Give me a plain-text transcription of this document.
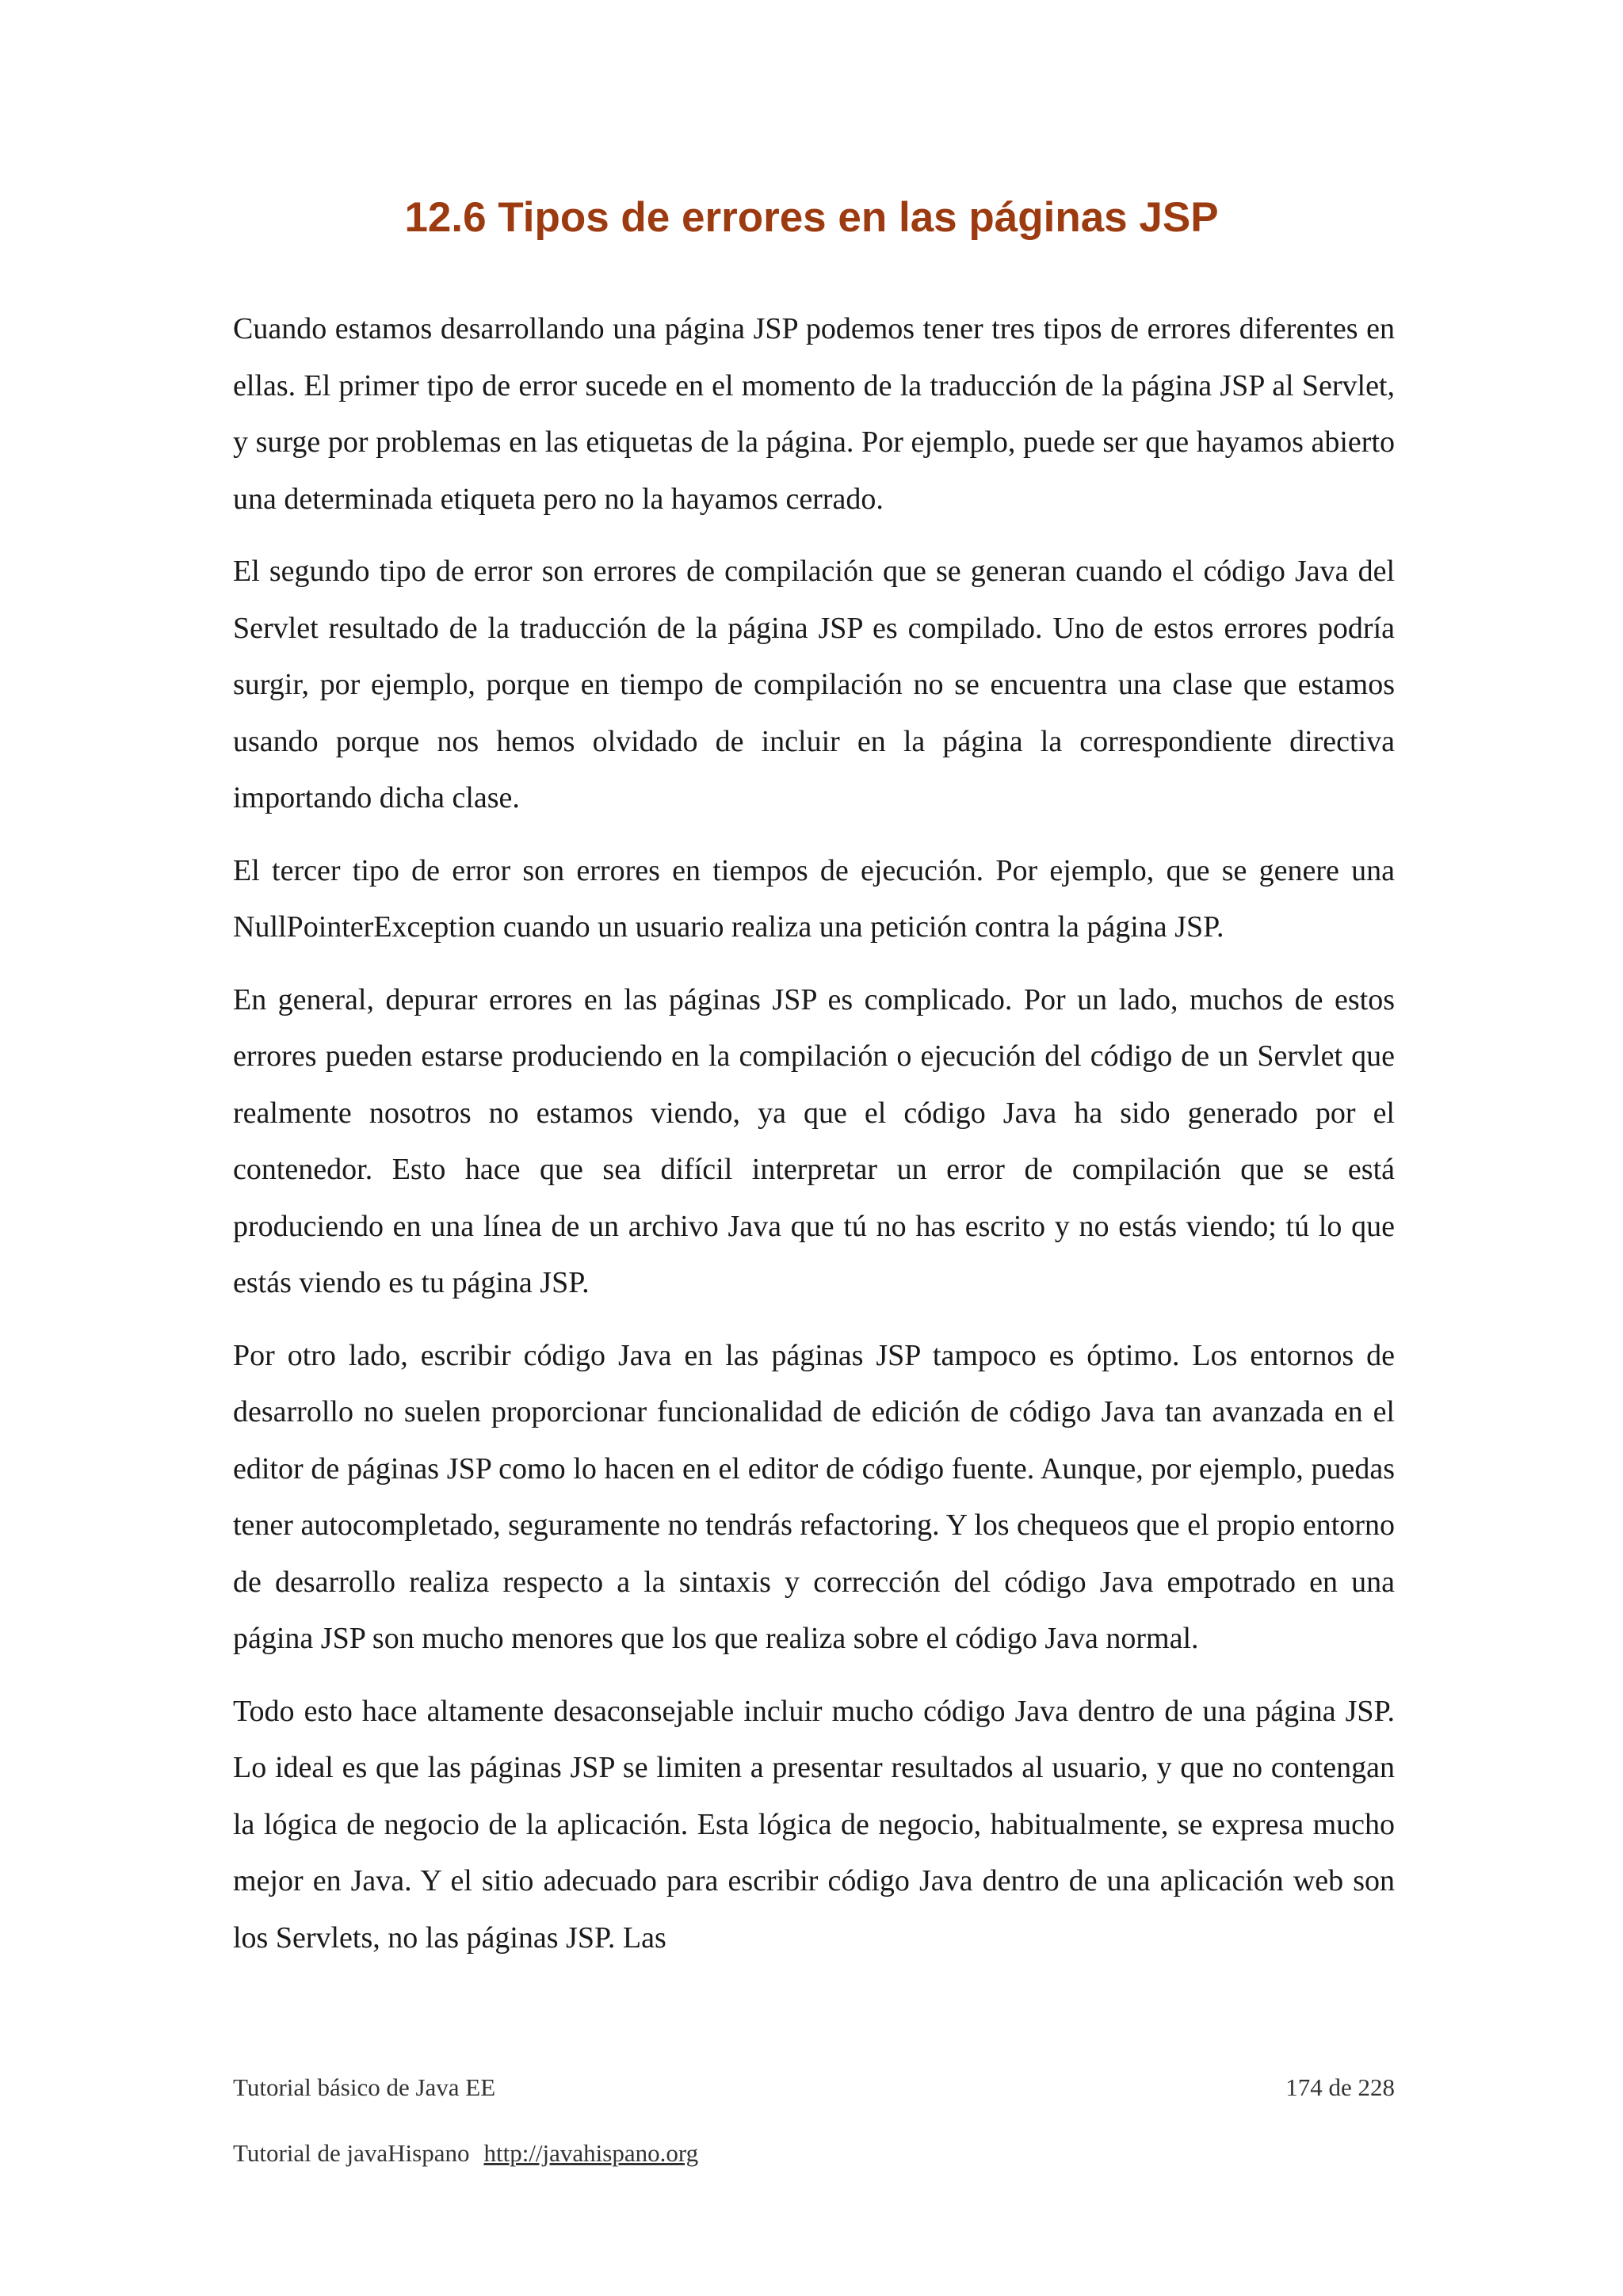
12.6 Tipos de errores en las páginas JSP

Cuando estamos desarrollando una página JSP podemos tener tres tipos de errores diferentes en ellas. El primer tipo de error sucede en el momento de la traducción de la página JSP al Servlet, y surge por problemas en las etiquetas de la página. Por ejemplo, puede ser que hayamos abierto una determinada etiqueta pero no la hayamos cerrado.

El segundo tipo de error son errores de compilación que se generan cuando el código Java del Servlet resultado de la traducción de la página JSP es compilado. Uno de estos errores podría surgir, por ejemplo, porque en tiempo de compilación no se encuentra una clase que estamos usando porque nos hemos olvidado de incluir en la página la correspondiente directiva importando dicha clase.

El tercer tipo de error son errores en tiempos de ejecución. Por ejemplo, que se genere una NullPointerException cuando un usuario realiza una petición contra la página JSP.

En general, depurar errores en las páginas JSP es complicado. Por un lado, muchos de estos errores pueden estarse produciendo en la compilación o ejecución del código de un Servlet que realmente nosotros no estamos viendo, ya que el código Java ha sido generado por el contenedor. Esto hace que sea difícil interpretar un error de compilación que se está produciendo en una línea de un archivo Java que tú no has escrito y no estás viendo; tú lo que estás viendo es tu página JSP.

Por otro lado, escribir código Java en las páginas JSP tampoco es óptimo. Los entornos de desarrollo no suelen proporcionar funcionalidad de edición de código Java tan avanzada en el editor de páginas JSP como lo hacen en el editor de código fuente. Aunque, por ejemplo, puedas tener autocompletado, seguramente no tendrás refactoring. Y los chequeos que el propio entorno de desarrollo realiza respecto a la sintaxis y corrección del código Java empotrado en una página JSP son mucho menores que los que realiza sobre el código Java normal.

Todo esto hace altamente desaconsejable incluir mucho código Java dentro de una página JSP. Lo ideal es que las páginas JSP se limiten a presentar resultados al usuario, y que no contengan la lógica de negocio de la aplicación. Esta lógica de negocio, habitualmente, se expresa mucho mejor en Java. Y el sitio adecuado para escribir código Java dentro de una aplicación web son los Servlets, no las páginas JSP. Las

Tutorial básico de Java EE	174 de 228
Tutorial de javaHispano http://javahispano.org
